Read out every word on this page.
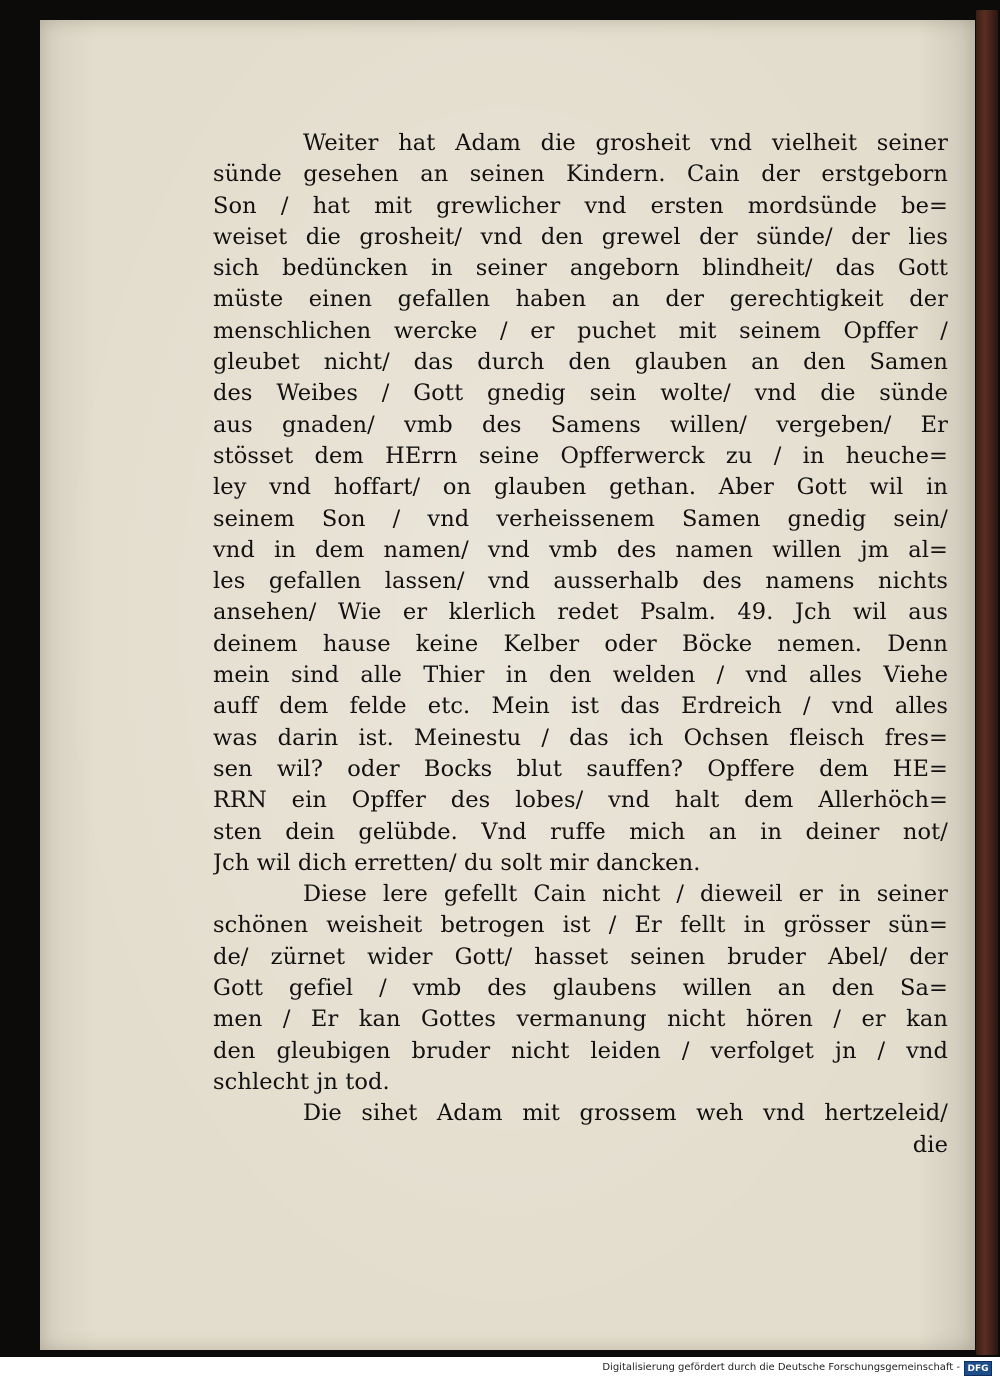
Weiter hat Adam die grosheit vnd vielheit seiner
sünde gesehen an seinen Kindern. Cain der erstgeborn
Son / hat mit grewlicher vnd ersten mordsünde be=
weiset die grosheit/ vnd den grewel der sünde/ der lies
sich bedüncken in seiner angeborn blindheit/ das Gott
müste einen gefallen haben an der gerechtigkeit der
menschlichen wercke / er puchet mit seinem Opffer /
gleubet nicht/ das durch den glauben an den Samen
des Weibes / Gott gnedig sein wolte/ vnd die sünde
aus gnaden/ vmb des Samens willen/ vergeben/ Er
stösset dem HErrn seine Opfferwerck zu / in heuche=
ley vnd hoffart/ on glauben gethan. Aber Gott wil in
seinem Son / vnd verheissenem Samen gnedig sein/
vnd in dem namen/ vnd vmb des namen willen jm al=
les gefallen lassen/ vnd ausserhalb des namens nichts
ansehen/ Wie er klerlich redet Psalm. 49. Jch wil aus
deinem hause keine Kelber oder Böcke nemen. Denn
mein sind alle Thier in den welden / vnd alles Viehe
auff dem felde etc. Mein ist das Erdreich / vnd alles
was darin ist. Meinestu / das ich Ochsen fleisch fres=
sen wil? oder Bocks blut sauffen? Opffere dem HE=
RRN ein Opffer des lobes/ vnd halt dem Allerhöch=
sten dein gelübde. Vnd ruffe mich an in deiner not/
Jch wil dich erretten/ du solt mir dancken.
Diese lere gefellt Cain nicht / dieweil er in seiner
schönen weisheit betrogen ist / Er fellt in grösser sün=
de/ zürnet wider Gott/ hasset seinen bruder Abel/ der
Gott gefiel / vmb des glaubens willen an den Sa=
men / Er kan Gottes vermanung nicht hören / er kan
den gleubigen bruder nicht leiden / verfolget jn / vnd
schlecht jn tod.
Die sihet Adam mit grossem weh vnd hertzeleid/
die
Digitalisierung gefördert durch die Deutsche Forschungsgemeinschaft - DFG
